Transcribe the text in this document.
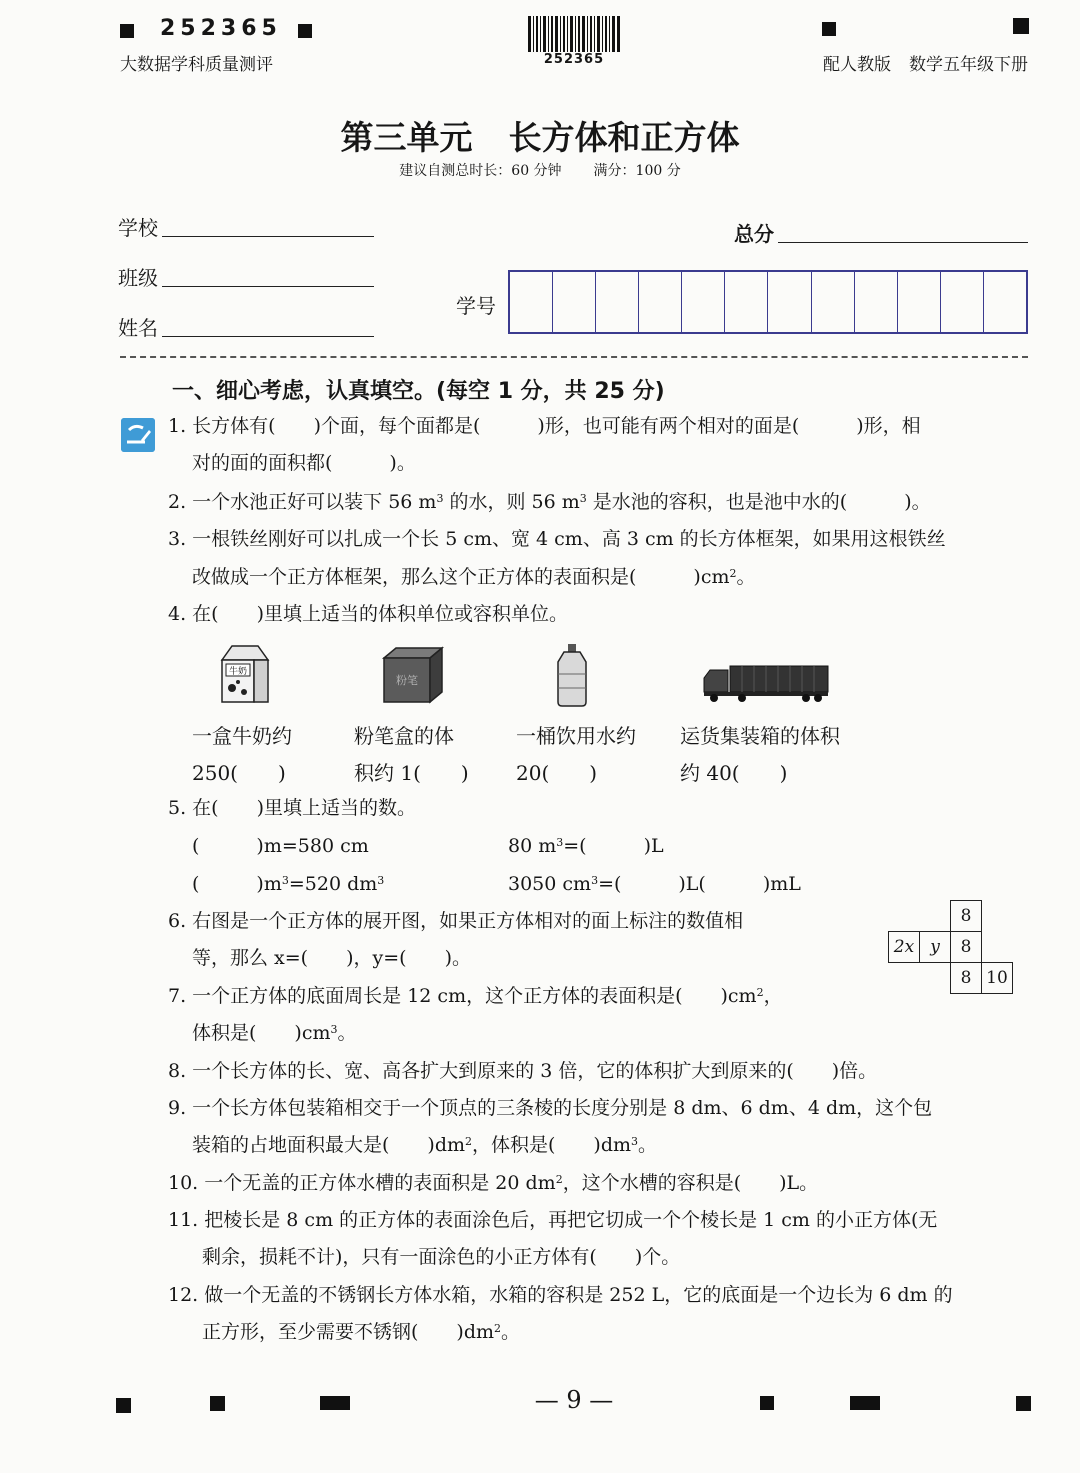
252365
大数据学科质量测评	252365	配人教版 数学五年级下册
第三单元 长方体和正方体
建议自测总时长：60 分钟 满分：100 分
学校
班级
姓名
总分
学号
一、细心考虑，认真填空。(每空 1 分，共 25 分)
1. 长方体有(　　)个面，每个面都是(　　　)形，也可能有两个相对的面是(　　　)形，相
对的面的面积都(　　　)。
2. 一个水池正好可以装下 56 $m^3$ 的水，则 56 $m^3$ 是水池的容积，也是池中水的(　　　)。
3. 一根铁丝刚好可以扎成一个长 5 cm、宽 4 cm、高 3 cm 的长方体框架，如果用这根铁丝
改做成一个正方体框架，那么这个正方体的表面积是(　　　)$cm^2$。
4. 在(　　)里填上适当的体积单位或容积单位。
牛奶
粉笔
一盒牛奶约
250(　　)
粉笔盒的体
积约 1(　　)
一桶饮用水约
20(　　)
运货集装箱的体积
约 40(　　)
5. 在(　　)里填上适当的数。
(　　　)m=580 cm	80 $m^3=$(　　　)L
(　　　)$m^3=520$ $dm^3$	3050 $cm^3=$(　　　)L(　　　)mL
6. 右图是一个正方体的展开图，如果正方体相对的面上标注的数值相
等，那么 x=(　　)，y=(　　)。
		8	
2x	y	8	
		8	10
7. 一个正方体的底面周长是 12 cm，这个正方体的表面积是(　　)$cm^2$，
体积是(　　)$cm^3$。
8. 一个长方体的长、宽、高各扩大到原来的 3 倍，它的体积扩大到原来的(　　)倍。
9. 一个长方体包装箱相交于一个顶点的三条棱的长度分别是 8 dm、6 dm、4 dm，这个包
装箱的占地面积最大是(　　)$dm^2$，体积是(　　)$dm^3$。
10. 一个无盖的正方体水槽的表面积是 20 $dm^2$，这个水槽的容积是(　　)L。
11. 把棱长是 8 cm 的正方体的表面涂色后，再把它切成一个个棱长是 1 cm 的小正方体(无
剩余，损耗不计)，只有一面涂色的小正方体有(　　)个。
12. 做一个无盖的不锈钢长方体水箱，水箱的容积是 252 L，它的底面是一个边长为 6 dm 的
正方形，至少需要不锈钢(　　)$dm^2$。
— 9 —
